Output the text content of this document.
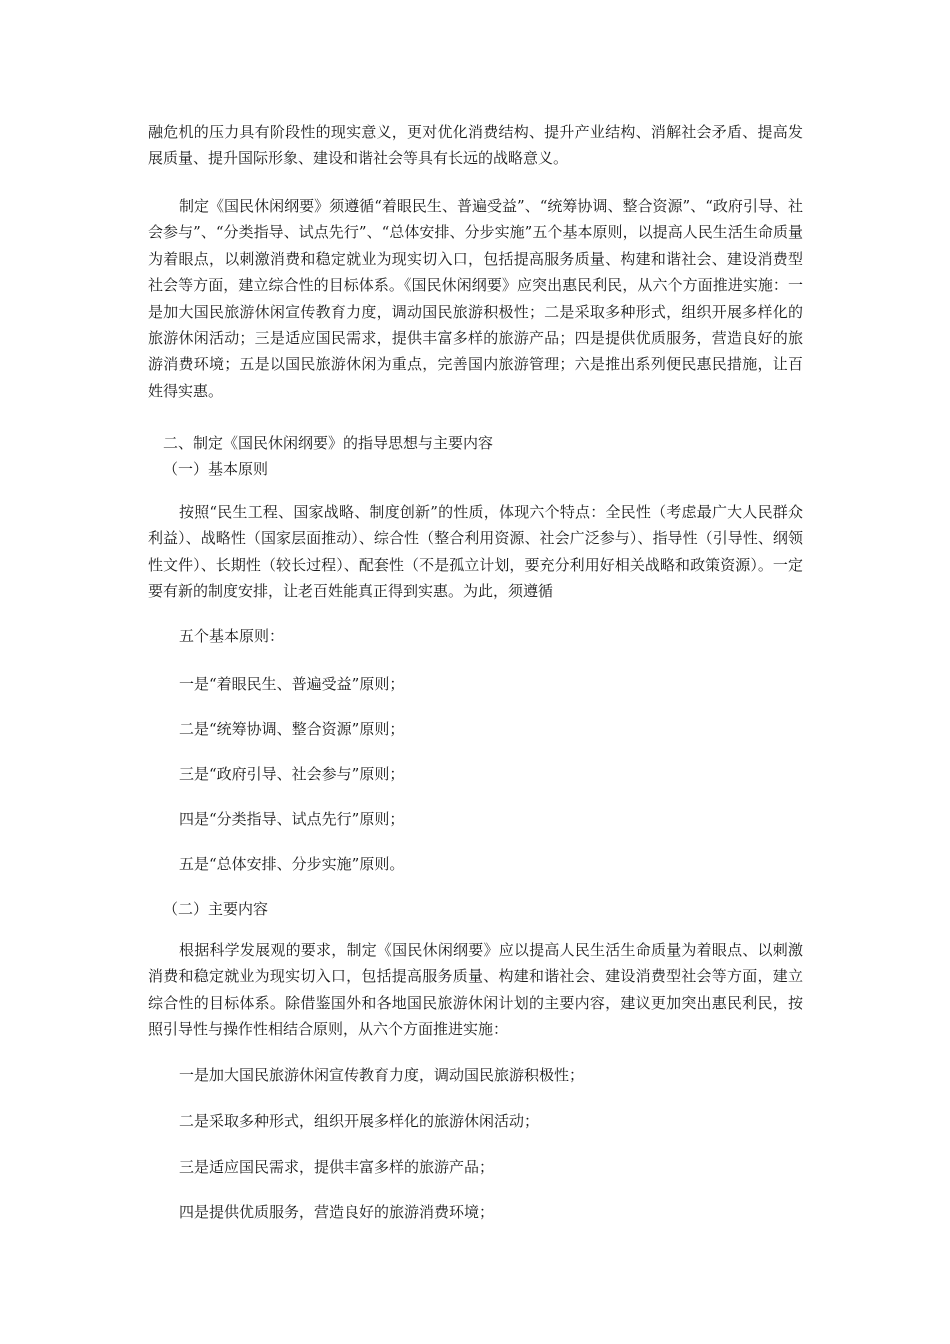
融危机的压力具有阶段性的现实意义，更对优化消费结构、提升产业结构、消解社会矛盾、提高发展质量、提升国际形象、建设和谐社会等具有长远的战略意义。

制定《国民休闲纲要》须遵循“着眼民生、普遍受益”、“统筹协调、整合资源”、“政府引导、社会参与”、“分类指导、试点先行”、“总体安排、分步实施”五个基本原则，以提高人民生活生命质量为着眼点，以刺激消费和稳定就业为现实切入口，包括提高服务质量、构建和谐社会、建设消费型社会等方面，建立综合性的目标体系。《国民休闲纲要》应突出惠民利民，从六个方面推进实施：一是加大国民旅游休闲宣传教育力度，调动国民旅游积极性；二是采取多种形式，组织开展多样化的旅游休闲活动；三是适应国民需求，提供丰富多样的旅游产品；四是提供优质服务，营造良好的旅游消费环境；五是以国民旅游休闲为重点，完善国内旅游管理；六是推出系列便民惠民措施，让百姓得实惠。

二、制定《国民休闲纲要》的指导思想与主要内容

（一）基本原则

按照“民生工程、国家战略、制度创新”的性质，体现六个特点：全民性（考虑最广大人民群众利益）、战略性（国家层面推动）、综合性（整合利用资源、社会广泛参与）、指导性（引导性、纲领性文件）、长期性（较长过程）、配套性（不是孤立计划，要充分利用好相关战略和政策资源）。一定要有新的制度安排，让老百姓能真正得到实惠。为此，须遵循

五个基本原则：

一是“着眼民生、普遍受益”原则；

二是“统筹协调、整合资源”原则；

三是“政府引导、社会参与”原则；

四是“分类指导、试点先行”原则；

五是“总体安排、分步实施”原则。

（二）主要内容

根据科学发展观的要求，制定《国民休闲纲要》应以提高人民生活生命质量为着眼点、以刺激消费和稳定就业为现实切入口，包括提高服务质量、构建和谐社会、建设消费型社会等方面，建立综合性的目标体系。除借鉴国外和各地国民旅游休闲计划的主要内容，建议更加突出惠民利民，按照引导性与操作性相结合原则，从六个方面推进实施：

一是加大国民旅游休闲宣传教育力度，调动国民旅游积极性；

二是采取多种形式，组织开展多样化的旅游休闲活动；

三是适应国民需求，提供丰富多样的旅游产品；

四是提供优质服务，营造良好的旅游消费环境；
